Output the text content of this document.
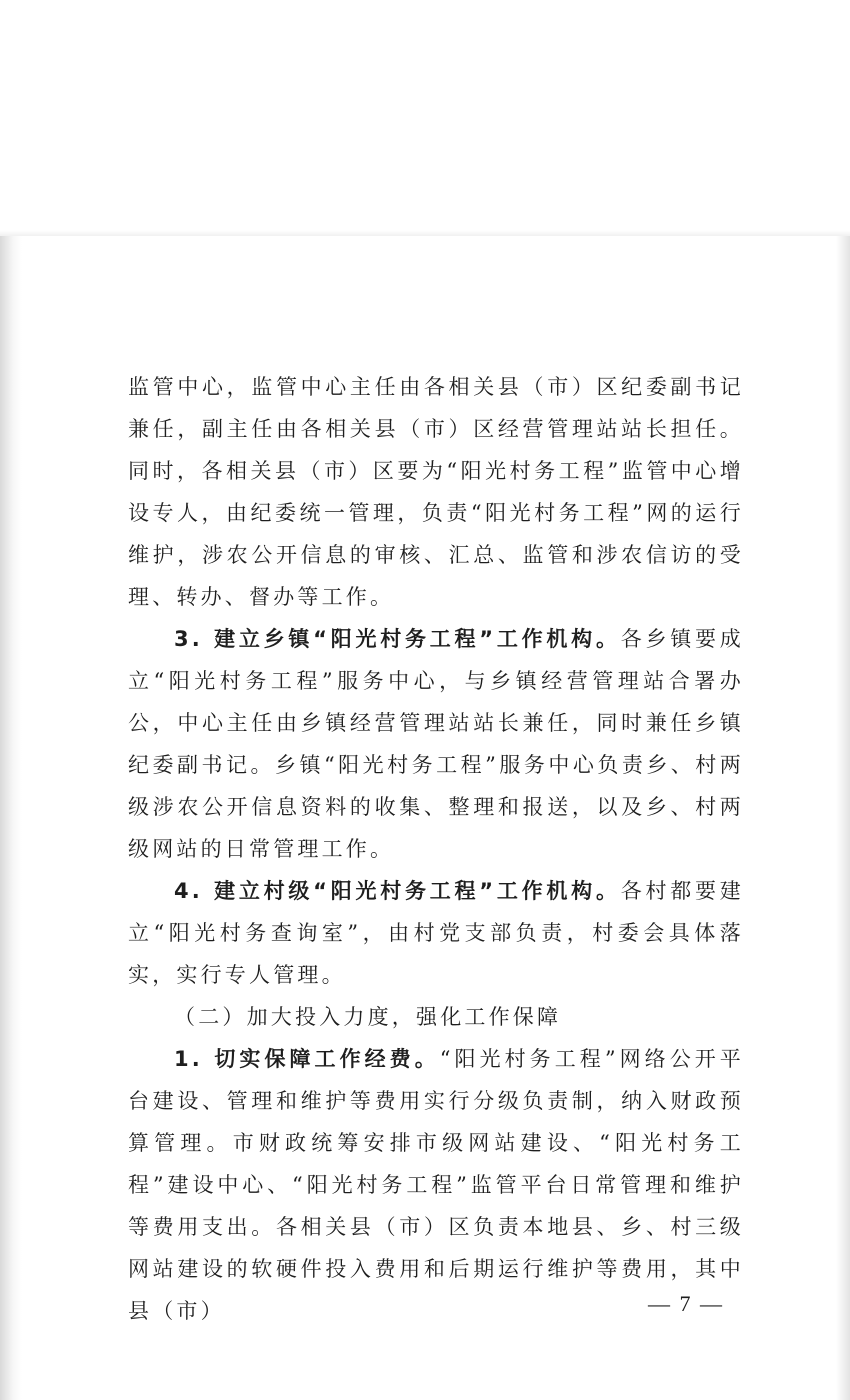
监管中心，监管中心主任由各相关县（市）区纪委副书记兼任，副主任由各相关县（市）区经营管理站站长担任。同时，各相关县（市）区要为“阳光村务工程”监管中心增设专人，由纪委统一管理，负责“阳光村务工程”网的运行维护，涉农公开信息的审核、汇总、监管和涉农信访的受理、转办、督办等工作。

3. 建立乡镇“阳光村务工程”工作机构。各乡镇要成立“阳光村务工程”服务中心，与乡镇经营管理站合署办公，中心主任由乡镇经营管理站站长兼任，同时兼任乡镇纪委副书记。乡镇“阳光村务工程”服务中心负责乡、村两级涉农公开信息资料的收集、整理和报送，以及乡、村两级网站的日常管理工作。

4. 建立村级“阳光村务工程”工作机构。各村都要建立“阳光村务查询室”，由村党支部负责，村委会具体落实，实行专人管理。

（二）加大投入力度，强化工作保障

1. 切实保障工作经费。“阳光村务工程”网络公开平台建设、管理和维护等费用实行分级负责制，纳入财政预算管理。市财政统筹安排市级网站建设、“阳光村务工程”建设中心、“阳光村务工程”监管平台日常管理和维护等费用支出。各相关县（市）区负责本地县、乡、村三级网站建设的软硬件投入费用和后期运行维护等费用，其中县（市）	— 7 —
